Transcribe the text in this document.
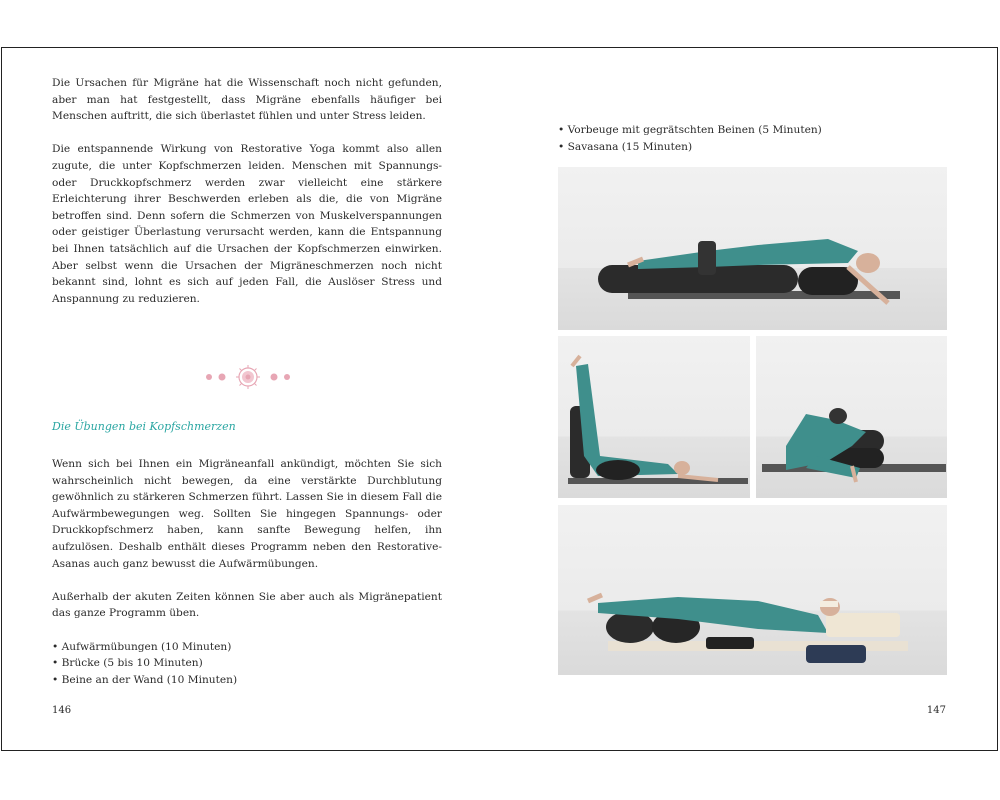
Die Ursachen für Migräne hat die Wissenschaft noch nicht gefunden, aber man hat festgestellt, dass Migräne ebenfalls häufiger bei Menschen auftritt, die sich überlastet fühlen und unter Stress leiden.

Die entspannende Wirkung von Restorative Yoga kommt also allen zugute, die unter Kopfschmerzen leiden. Menschen mit Spannungs- oder Druckkopfschmerz werden zwar vielleicht eine stärkere Erleichterung ihrer Beschwerden erleben als die, die von Migräne betroffen sind. Denn sofern die Schmerzen von Muskelverspannungen oder geistiger Überlastung verursacht werden, kann die Entspannung bei Ihnen tatsächlich auf die Ursachen der Kopfschmerzen einwirken. Aber selbst wenn die Ursachen der Migräneschmerzen noch nicht bekannt sind, lohnt es sich auf jeden Fall, die Auslöser Stress und Anspannung zu reduzieren.

Die Übungen bei Kopfschmerzen

Wenn sich bei Ihnen ein Migräneanfall ankündigt, möchten Sie sich wahrscheinlich nicht bewegen, da eine verstärkte Durchblutung gewöhnlich zu stärkeren Schmerzen führt. Lassen Sie in diesem Fall die Aufwärmbewegungen weg. Sollten Sie hingegen Spannungs- oder Druckkopfschmerz haben, kann sanfte Bewegung helfen, ihn aufzulösen. Deshalb enthält dieses Programm neben den Restorative-Asanas auch ganz bewusst die Aufwärmübungen.

Außerhalb der akuten Zeiten können Sie aber auch als Migränepatient das ganze Programm üben.

• Aufwärmübungen (10 Minuten)
• Brücke (5 bis 10 Minuten)
• Beine an der Wand (10 Minuten)
146
• Vorbeuge mit gegrätschten Beinen (5 Minuten)
• Savasana (15 Minuten)
147
